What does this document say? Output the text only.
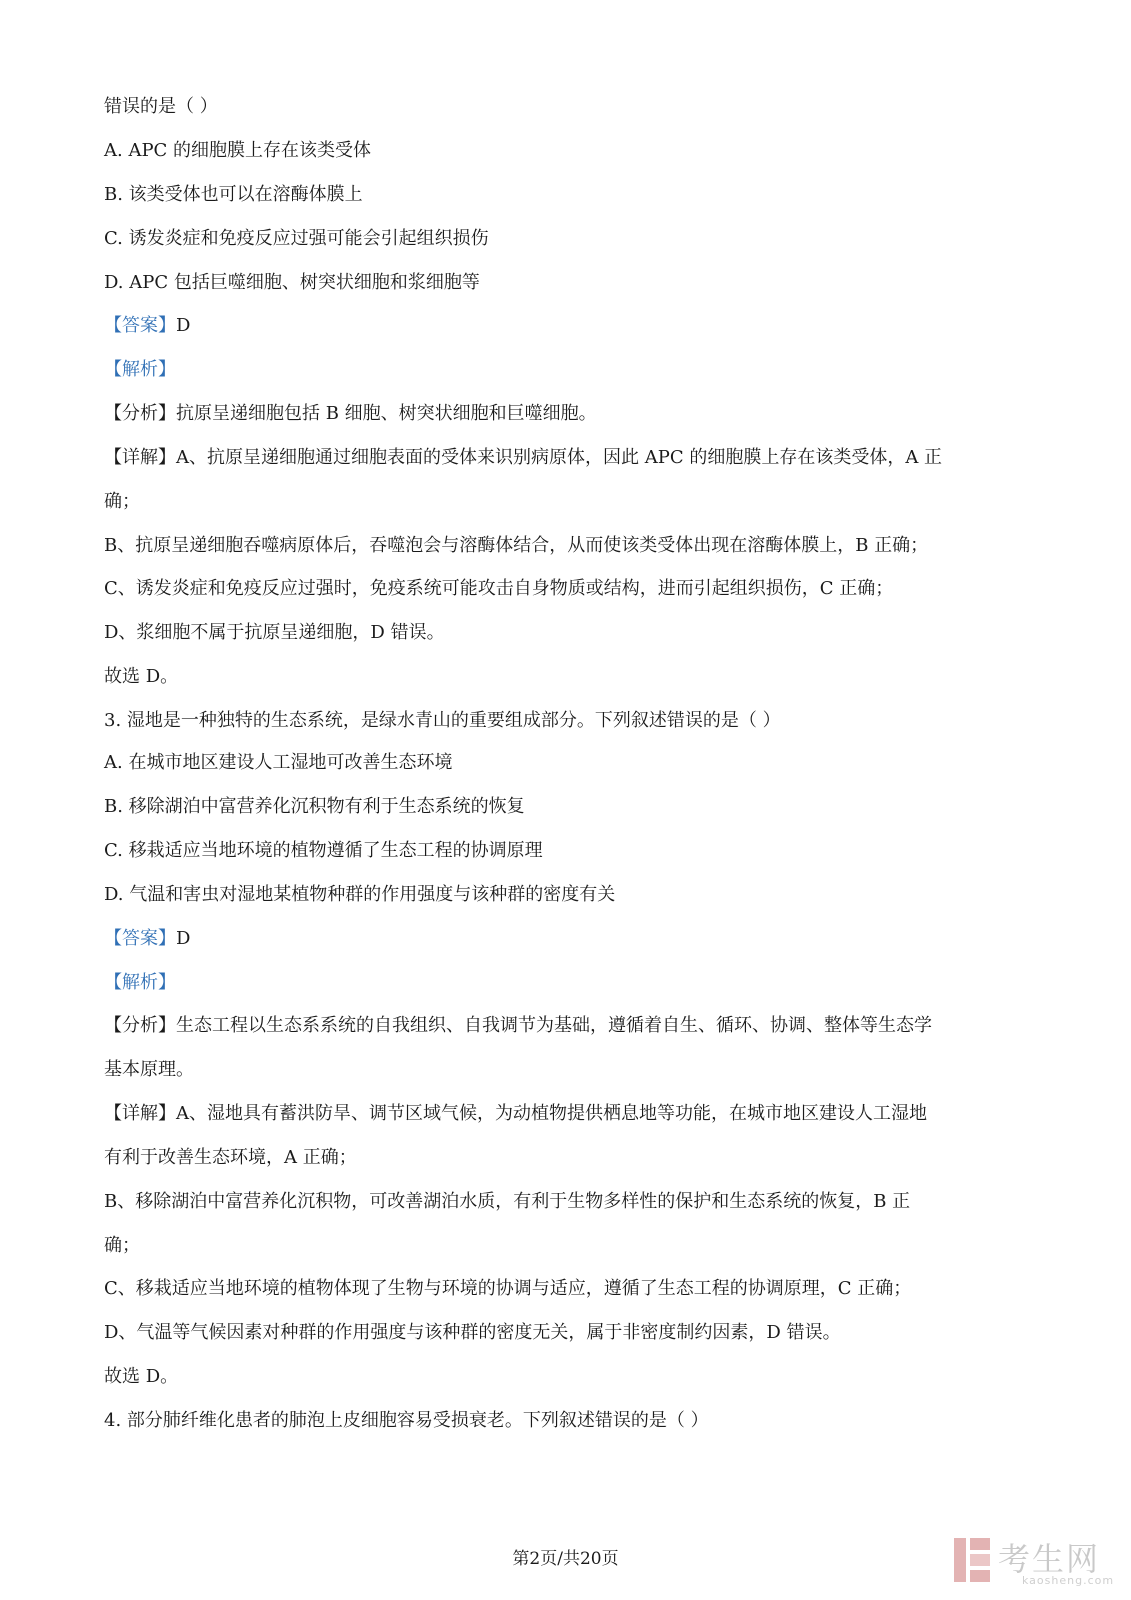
错误的是（ ）
A. APC 的细胞膜上存在该类受体
B. 该类受体也可以在溶酶体膜上
C. 诱发炎症和免疫反应过强可能会引起组织损伤
D. APC 包括巨噬细胞、树突状细胞和浆细胞等
【答案】D
【解析】
【分析】抗原呈递细胞包括 B 细胞、树突状细胞和巨噬细胞。
【详解】A、抗原呈递细胞通过细胞表面的受体来识别病原体，因此 APC 的细胞膜上存在该类受体，A 正
确；
B、抗原呈递细胞吞噬病原体后，吞噬泡会与溶酶体结合，从而使该类受体出现在溶酶体膜上，B 正确；
C、诱发炎症和免疫反应过强时，免疫系统可能攻击自身物质或结构，进而引起组织损伤，C 正确；
D、浆细胞不属于抗原呈递细胞，D 错误。
故选 D。
3. 湿地是一种独特的生态系统，是绿水青山的重要组成部分。下列叙述错误的是（ ）
A. 在城市地区建设人工湿地可改善生态环境
B. 移除湖泊中富营养化沉积物有利于生态系统的恢复
C. 移栽适应当地环境的植物遵循了生态工程的协调原理
D. 气温和害虫对湿地某植物种群的作用强度与该种群的密度有关
【答案】D
【解析】
【分析】生态工程以生态系系统的自我组织、自我调节为基础，遵循着自生、循环、协调、整体等生态学
基本原理。
【详解】A、湿地具有蓄洪防旱、调节区域气候，为动植物提供栖息地等功能，在城市地区建设人工湿地
有利于改善生态环境，A 正确；
B、移除湖泊中富营养化沉积物，可改善湖泊水质，有利于生物多样性的保护和生态系统的恢复，B 正
确；
C、移栽适应当地环境的植物体现了生物与环境的协调与适应，遵循了生态工程的协调原理，C 正确；
D、气温等气候因素对种群的作用强度与该种群的密度无关，属于非密度制约因素，D 错误。
故选 D。
4. 部分肺纤维化患者的肺泡上皮细胞容易受损衰老。下列叙述错误的是（ ）
第2页/共20页	考生网
kaosheng.com
